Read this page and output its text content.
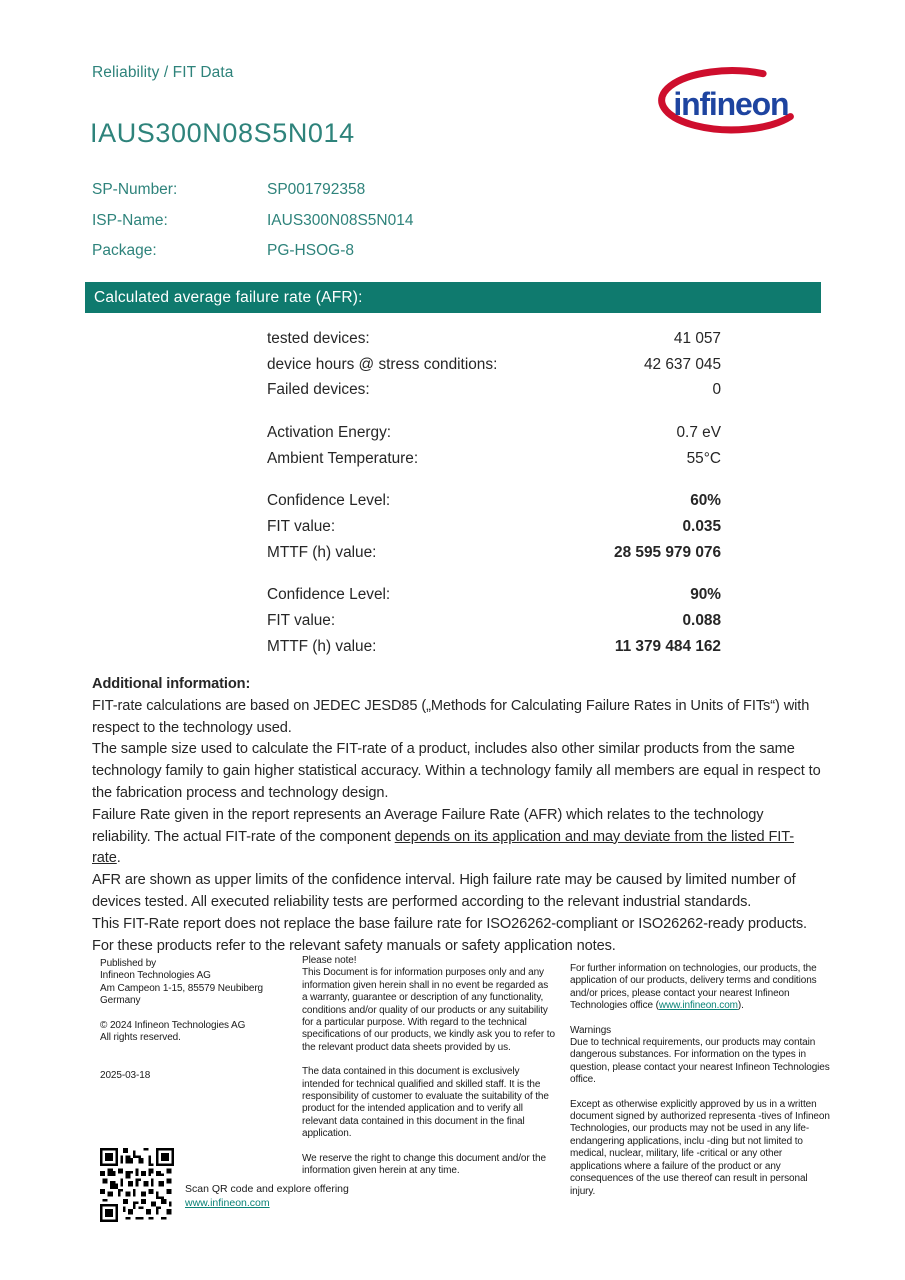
Reliability / FIT Data
infineon
IAUS300N08S5N014
SP-Number:	SP001792358
ISP-Name:	IAUS300N08S5N014
Package:	PG-HSOG-8
Calculated average failure rate (AFR):
tested devices:	41 057
device hours @ stress conditions:	42 637 045
Failed devices:	0
Activation Energy:	0.7 eV
Ambient Temperature:	55°C
Confidence Level:	60%
FIT value:	0.035
MTTF (h) value:	28 595 979 076
Confidence Level:	90%
FIT value:	0.088
MTTF (h) value:	11 379 484 162
Additional information:
FIT-rate calculations are based on JEDEC JESD85 („Methods for Calculating Failure Rates in Units of FITs“) with respect to the technology used.
The sample size used to calculate the FIT-rate of a product, includes also other similar products from the same technology family to gain higher statistical accuracy. Within a technology family all members are equal in respect to the fabrication process and technology design.
Failure Rate given in the report represents an Average Failure Rate (AFR) which relates to the technology reliability. The actual FIT-rate of the component depends on its application and may deviate from the listed FIT-rate.
AFR are shown as upper limits of the confidence interval. High failure rate may be caused by limited number of devices tested. All executed reliability tests are performed according to the relevant industrial standards.
This FIT-Rate report does not replace the base failure rate for ISO26262-compliant or ISO26262-ready products. For these products refer to the relevant safety manuals or safety application notes.
Published by
Infineon Technologies AG
Am Campeon 1-15, 85579 Neubiberg
Germany
© 2024 Infineon Technologies AG
All rights reserved.
2025-03-18
Please note!
This Document is for information purposes only and any information given herein shall in no event be regarded as a warranty, guarantee or description of any functionality, conditions and/or quality of our products or any suitability for a particular purpose. With regard to the technical specifications of our products, we kindly ask you to refer to the relevant product data sheets provided by us.
The data contained in this document is exclusively intended for technical qualified and skilled staff. It is the responsibility of customer to evaluate the suitability of the product for the intended application and to verify all relevant data contained in this document in the final application.
We reserve the right to change this document and/or the information given herein at any time.
For further information on technologies, our products, the application of our products, delivery terms and conditions and/or prices, please contact your nearest Infineon Technologies office (www.infineon.com).
Warnings
Due to technical requirements, our products may contain dangerous substances. For information on the types in question, please contact your nearest Infineon Technologies office.
Except as otherwise explicitly approved by us in a written document signed by authorized representa -tives of Infineon Technologies, our products may not be used in any life-endangering applications, inclu -ding but not limited to medical, nuclear, military, life -critical or any other applications where a failure of the product or any consequences of the use thereof can result in personal injury.
Scan QR code and explore offering
www.infineon.com
